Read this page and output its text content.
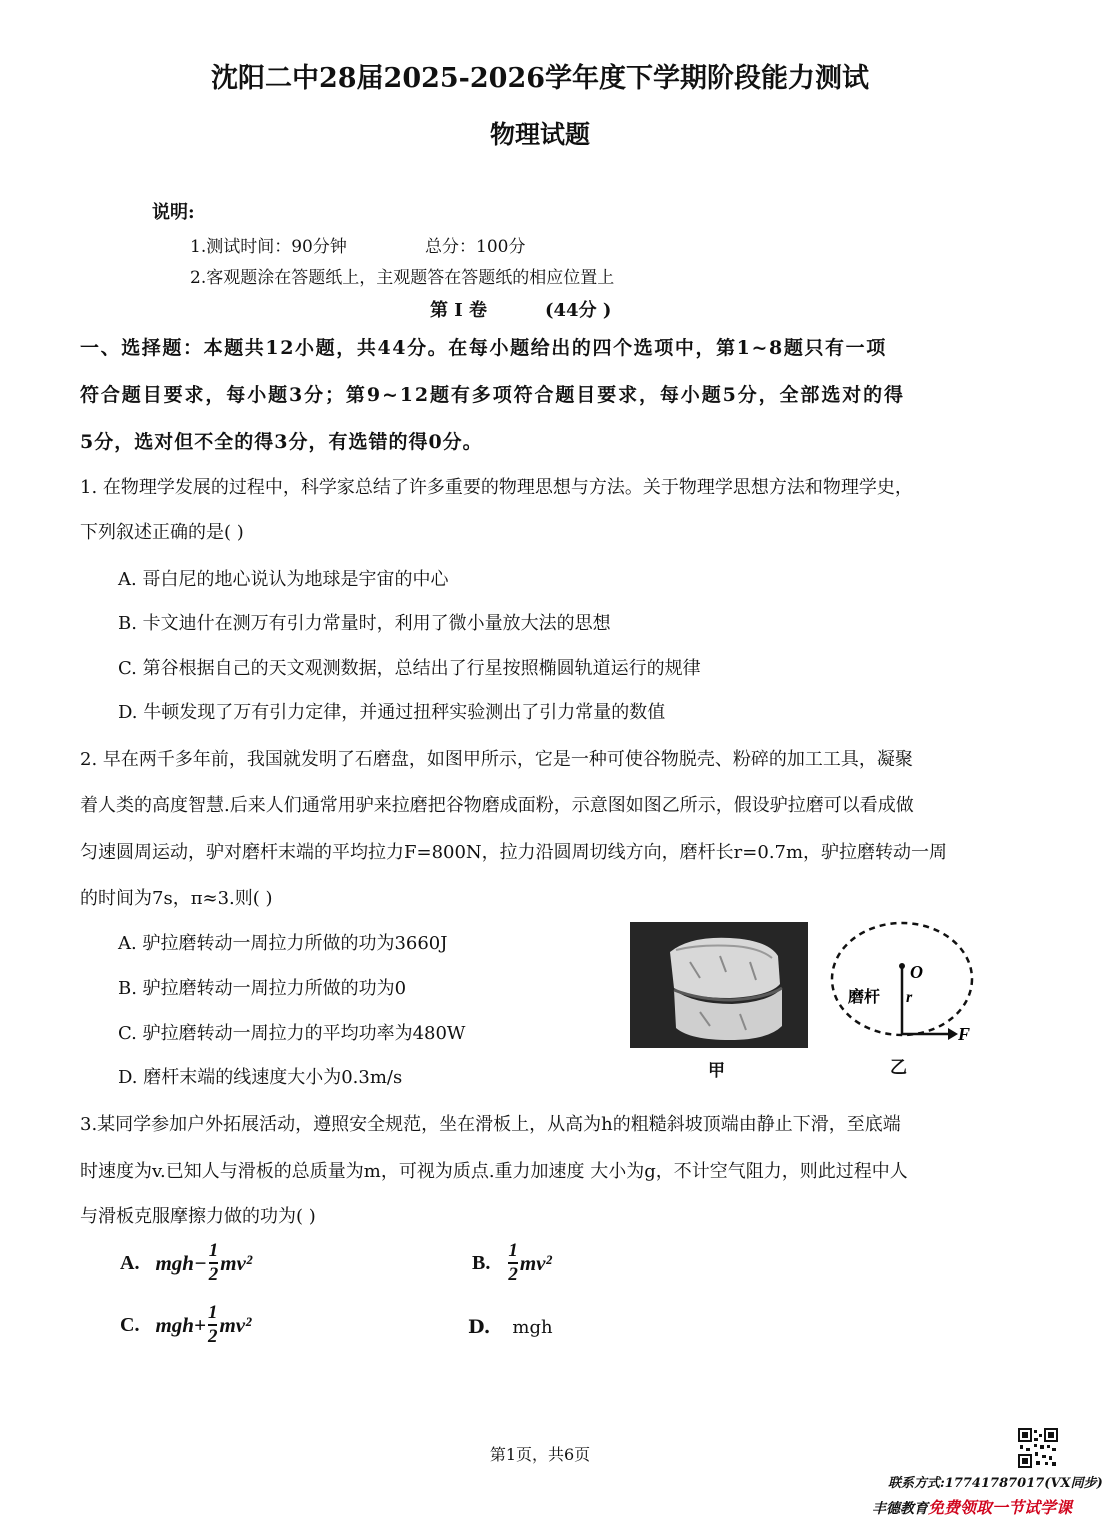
沈阳二中28届2025-2026学年度下学期阶段能力测试
物理试题
说明:
1.测试时间：90分钟	总分：100分
2.客观题涂在答题纸上，主观题答在答题纸的相应位置上
第 I 卷	(44分 )
一、选择题：本题共12小题，共44分。在每小题给出的四个选项中，第1~8题只有一项
符合题目要求，每小题3分；第9~12题有多项符合题目要求，每小题5分，全部选对的得
5分，选对但不全的得3分，有选错的得0分。
1. 在物理学发展的过程中，科学家总结了许多重要的物理思想与方法。关于物理学思想方法和物理学史，
下列叙述正确的是( )
A. 哥白尼的地心说认为地球是宇宙的中心
B. 卡文迪什在测万有引力常量时，利用了微小量放大法的思想
C. 第谷根据自己的天文观测数据，总结出了行星按照椭圆轨道运行的规律
D. 牛顿发现了万有引力定律，并通过扭秤实验测出了引力常量的数值
2. 早在两千多年前，我国就发明了石磨盘，如图甲所示，它是一种可使谷物脱壳、粉碎的加工工具，凝聚
着人类的高度智慧.后来人们通常用驴来拉磨把谷物磨成面粉，示意图如图乙所示，假设驴拉磨可以看成做
匀速圆周运动，驴对磨杆末端的平均拉力F=800N，拉力沿圆周切线方向，磨杆长r=0.7m，驴拉磨转动一周
的时间为7s，π≈3.则( )
A. 驴拉磨转动一周拉力所做的功为3660J
B. 驴拉磨转动一周拉力所做的功为0
C. 驴拉磨转动一周拉力的平均功率为480W
D. 磨杆末端的线速度大小为0.3m/s	甲
O
r
磨杆
F
乙
3.某同学参加户外拓展活动，遵照安全规范，坐在滑板上，从高为h的粗糙斜坡顶端由静止下滑，至底端
时速度为v.已知人与滑板的总质量为m，可视为质点.重力加速度 大小为g，不计空气阻力，则此过程中人
与滑板克服摩擦力做的功为( )
A. $mgh- \frac{1}{2} mv^2$	B. $\frac{1}{2} mv^2$
C. $mgh+ \frac{1}{2} mv^2$	D. mgh
第1页，共6页
联系方式:17741787017(VX同步)
丰德教育免费领取一节试学课
